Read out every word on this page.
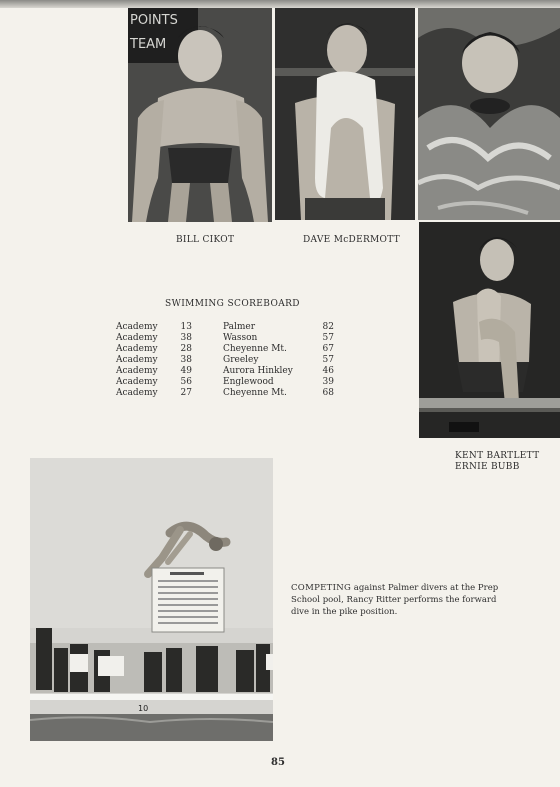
POINTS
TEAM
BILL CIKOT	DAVE McDERMOTT
KENT BARTLETT
ERNIE BUBB
SWIMMING SCOREBOARD
Academy	13	Palmer	82
Academy	38	Wasson	57
Academy	28	Cheyenne Mt.	67
Academy	38	Greeley	57
Academy	49	Aurora Hinkley	46
Academy	56	Englewood	39
Academy	27	Cheyenne Mt.	68
10
COMPETING against Palmer divers at the Prep School pool, Rancy Ritter performs the forward dive in the pike position.
85
